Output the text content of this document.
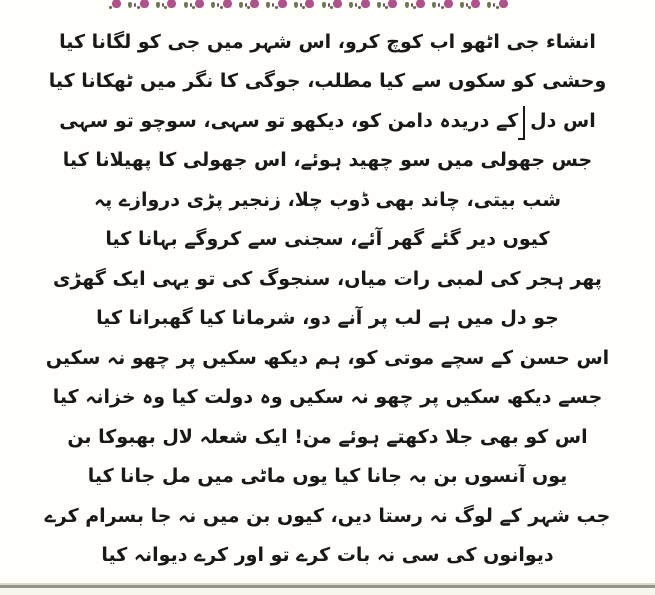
انشاء جی اٹھو اب کوچ کرو، اس شہر میں جی کو لگانا کیا
وحشی کو سکوں سے کیا مطلب، جوگی کا نگر میں ٹھکانا کیا
اس دل
کے دریدہ دامن کو، دیکھو تو سہی، سوچو تو سہی
جس جھولی میں سو چھید ہوئے، اس جھولی کا پھیلانا کیا
شب بیتی، چاند بھی ڈوب چلا، زنجیر پڑی دروازے پہ
کیوں دیر گئے گھر آئے، سجنی سے کروگے بہانا کیا
پھر ہجر کی لمبی رات میاں، سنجوگ کی تو یہی ایک گھڑی
جو دل میں ہے لب پر آنے دو، شرمانا کیا گھبرانا کیا
اس حسن کے سچے موتی کو، ہم دیکھ سکیں پر چھو نہ سکیں
جسے دیکھ سکیں پر چھو نہ سکیں وہ دولت کیا وہ خزانہ کیا
اس کو بھی جلا دکھتے ہوئے من! ایک شعلہ لال بھبوکا بن
یوں آنسوں بن بہ جانا کیا یوں ماٹی میں مل جانا کیا
جب شہر کے لوگ نہ رستا دیں، کیوں بن میں نہ جا بسرام کرے
دیوانوں کی سی نہ بات کرے تو اور کرے دیوانہ کیا
